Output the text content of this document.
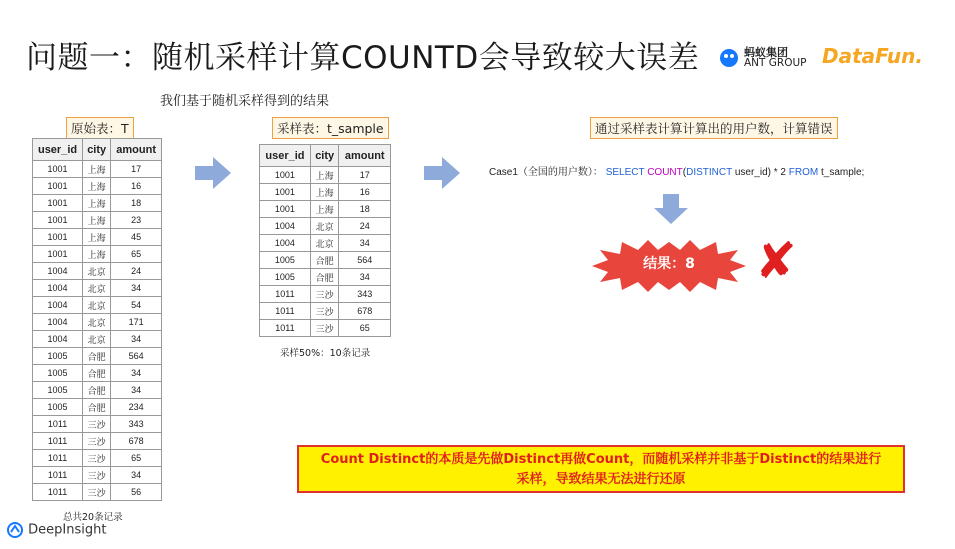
问题一：随机采样计算COUNTD会导致较大误差	蚂蚁集团
ANT GROUP DataFun.
我们基于随机采样得到的结果
原始表：T
user_id	city	amount
1001	上海	17
1001	上海	16
1001	上海	18
1001	上海	23
1001	上海	45
1001	上海	65
1004	北京	24
1004	北京	34
1004	北京	54
1004	北京	171
1004	北京	34
1005	合肥	564
1005	合肥	34
1005	合肥	34
1005	合肥	234
1011	三沙	343
1011	三沙	678
1011	三沙	65
1011	三沙	34
1011	三沙	56
总共20条记录
采样表：t_sample
user_id	city	amount
1001	上海	17
1001	上海	16
1001	上海	18
1004	北京	24
1004	北京	34
1005	合肥	564
1005	合肥	34
1011	三沙	343
1011	三沙	678
1011	三沙	65
采样50%：10条记录
通过采样表计算计算出的用户数，计算错误
Case1（全国的用户数）： SELECT COUNT(DISTINCT user_id) * 2 FROM t_sample;
结果：8	✘
Count Distinct的本质是先做Distinct再做Count，而随机采样并非基于Distinct的结果进行
采样，导致结果无法进行还原
DeepInsight
